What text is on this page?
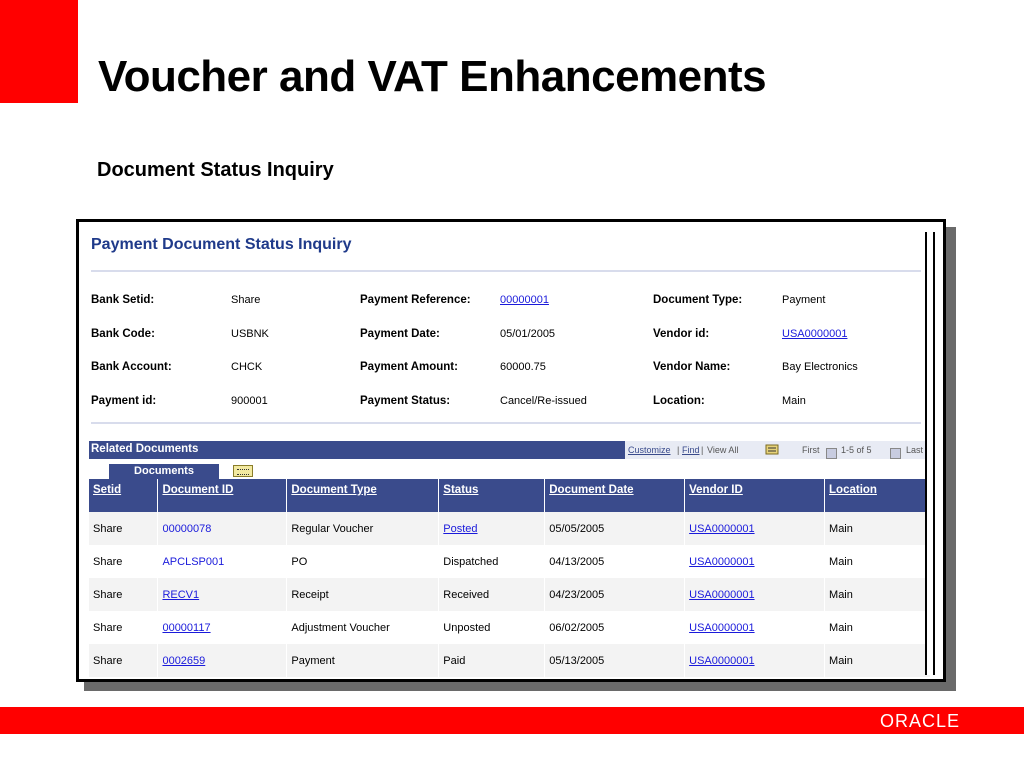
Voucher and VAT Enhancements
Document Status Inquiry
Payment Document Status Inquiry
Bank Setid:	Share
Bank Code:	USBNK
Bank Account:	CHCK
Payment id:	900001
Payment Reference:	00000001
Payment Date:	05/01/2005
Payment Amount:	60000.75
Payment Status:	Cancel/Re-issued
Document Type:	Payment
Vendor id:	USA0000001
Vendor Name:	Bay Electronics
Location:	Main
Related Documents	Customize | Find | View All	First 1-5 of 5	Last
Documents
Setid	Document ID	Document Type	Status	Document Date	Vendor ID	Location
Share	00000078	Regular Voucher	Posted	05/05/2005	USA0000001	Main
Share	APCLSP001	PO	Dispatched	04/13/2005	USA0000001	Main
Share	RECV1	Receipt	Received	04/23/2005	USA0000001	Main
Share	00000117	Adjustment Voucher	Unposted	06/02/2005	USA0000001	Main
Share	0002659	Payment	Paid	05/13/2005	USA0000001	Main
ORACLE
